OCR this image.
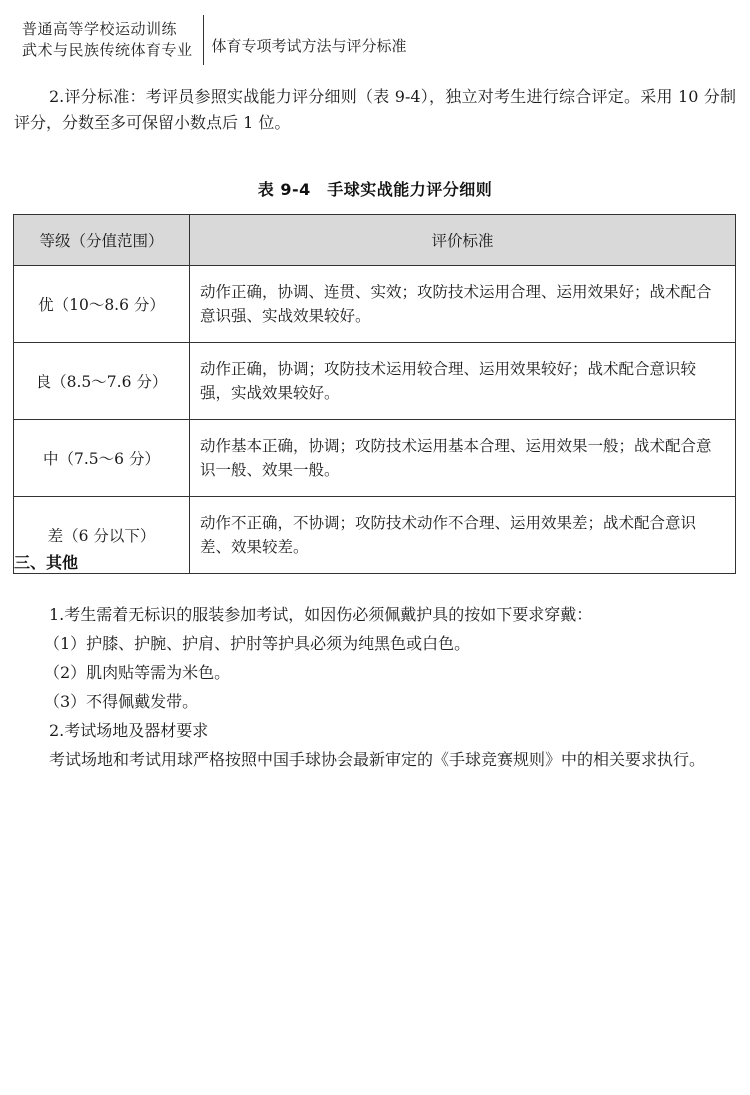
普通高等学校运动训练
武术与民族传统体育专业	体育专项考试方法与评分标准
2.评分标准：考评员参照实战能力评分细则（表 9-4），独立对考生进行综合评定。采用 10 分制评分，分数至多可保留小数点后 1 位。
表 9-4　手球实战能力评分细则
等级（分值范围）	评价标准
优（10～8.6 分）	动作正确，协调、连贯、实效；攻防技术运用合理、运用效果好；战术配合意识强、实战效果较好。
良（8.5～7.6 分）	动作正确，协调；攻防技术运用较合理、运用效果较好；战术配合意识较强，实战效果较好。
中（7.5～6 分）	动作基本正确，协调；攻防技术运用基本合理、运用效果一般；战术配合意识一般、效果一般。
差（6 分以下）	动作不正确，不协调；攻防技术动作不合理、运用效果差；战术配合意识差、效果较差。
三、其他
1.考生需着无标识的服装参加考试，如因伤必须佩戴护具的按如下要求穿戴：
（1）护膝、护腕、护肩、护肘等护具必须为纯黑色或白色。
（2）肌肉贴等需为米色。
（3）不得佩戴发带。
2.考试场地及器材要求
考试场地和考试用球严格按照中国手球协会最新审定的《手球竞赛规则》中的相关要求执行。
